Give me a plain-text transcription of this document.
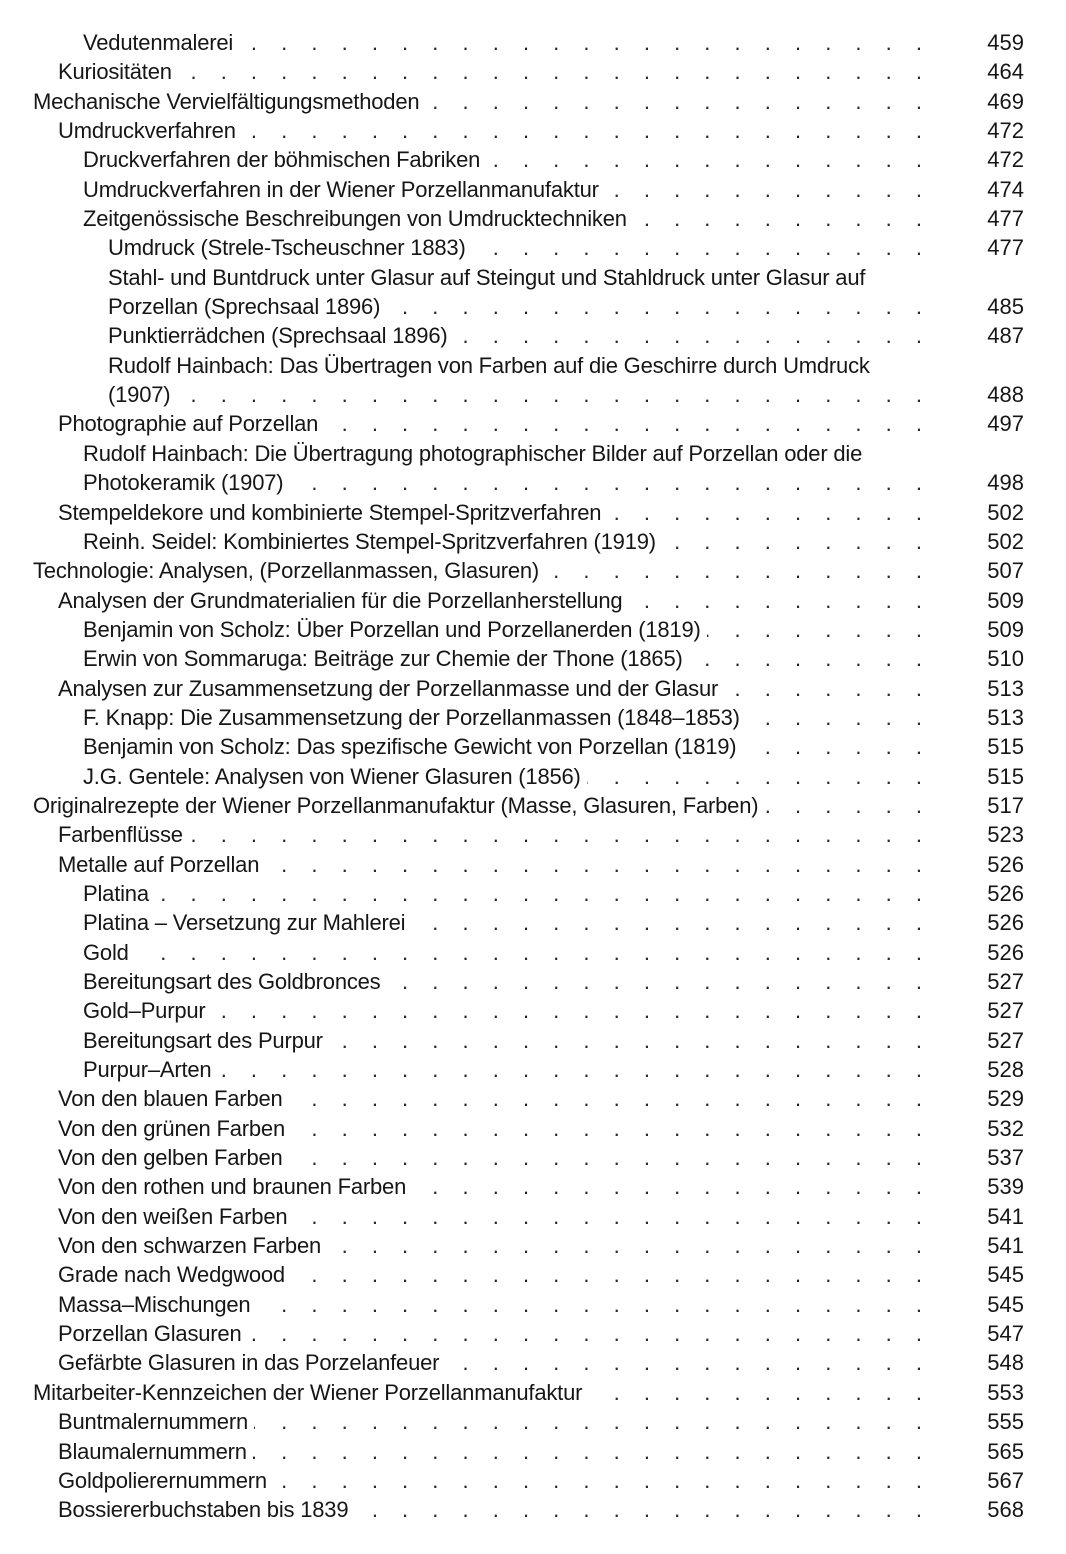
Vedutenmalerei . . .	459
Kuriositäten . . .	464
Mechanische Vervielfältigungsmethoden . . .	469
Umdruckverfahren . . .	472
Druckverfahren der böhmischen Fabriken . . .	472
Umdruckverfahren in der Wiener Porzellanmanufaktur . . .	474
Zeitgenössische Beschreibungen von Umdrucktechniken . . .	477
Umdruck (Strele-Tscheuschner 1883) . . .	477
Stahl- und Buntdruck unter Glasur auf Steingut und Stahldruck unter Glasur auf Porzellan (Sprechsaal 1896) . . .	485
Punktierrädchen (Sprechsaal 1896) . . .	487
Rudolf Hainbach: Das Übertragen von Farben auf die Geschirre durch Umdruck (1907) . . .	488
Photographie auf Porzellan . . .	497
Rudolf Hainbach: Die Übertragung photographischer Bilder auf Porzellan oder die Photokeramik (1907) . . .	498
Stempeldekore und kombinierte Stempel-Spritzverfahren . . .	502
Reinh. Seidel: Kombiniertes Stempel-Spritzverfahren (1919) . . .	502
Technologie: Analysen, (Porzellanmassen, Glasuren) . . .	507
Analysen der Grundmaterialien für die Porzellanherstellung . . .	509
Benjamin von Scholz: Über Porzellan und Porzellanerden (1819) . . .	509
Erwin von Sommaruga: Beiträge zur Chemie der Thone (1865) . . .	510
Analysen zur Zusammensetzung der Porzellanmasse und der Glasur . . .	513
F. Knapp: Die Zusammensetzung der Porzellanmassen (1848–1853) . . .	513
Benjamin von Scholz: Das spezifische Gewicht von Porzellan (1819) . . .	515
J.G. Gentele: Analysen von Wiener Glasuren (1856) . . .	515
Originalrezepte der Wiener Porzellanmanufaktur (Masse, Glasuren, Farben) . . .	517
Farbenflüsse . . .	523
Metalle auf Porzellan . . .	526
Platina . . .	526
Platina – Versetzung zur Mahlerei . . .	526
Gold . . .	526
Bereitungsart des Goldbronces . . .	527
Gold–Purpur . . .	527
Bereitungsart des Purpur . . .	527
Purpur–Arten . . .	528
Von den blauen Farben . . .	529
Von den grünen Farben . . .	532
Von den gelben Farben . . .	537
Von den rothen und braunen Farben . . .	539
Von den weißen Farben . . .	541
Von den schwarzen Farben . . .	541
Grade nach Wedgwood . . .	545
Massa–Mischungen . . .	545
Porzellan Glasuren . . .	547
Gefärbte Glasuren in das Porzelanfeuer . . .	548
Mitarbeiter-Kennzeichen der Wiener Porzellanmanufaktur . . .	553
Buntmalernummern . . .	555
Blaumalernummern . . .	565
Goldpolierernummern . . .	567
Bossiererbuchstaben bis 1839 . . .	568
